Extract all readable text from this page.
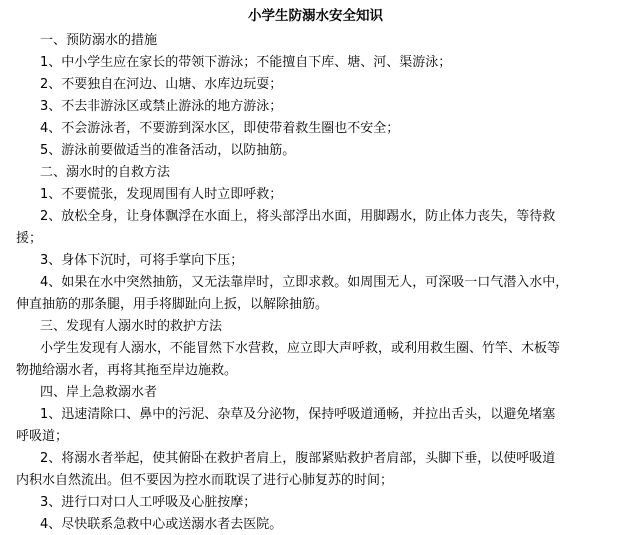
小学生防溺水安全知识

一、预防溺水的措施

1、中小学生应在家长的带领下游泳；不能擅自下库、塘、河、渠游泳；

2、不要独自在河边、山塘、水库边玩耍；

3、不去非游泳区或禁止游泳的地方游泳；

4、不会游泳者，不要游到深水区，即使带着救生圈也不安全；

5、游泳前要做适当的准备活动，以防抽筋。

二、溺水时的自救方法

1、不要慌张，发现周围有人时立即呼救；

2、放松全身，让身体飘浮在水面上，将头部浮出水面，用脚踢水，防止体力丧失，等待救

援；

3、身体下沉时，可将手掌向下压；

4、如果在水中突然抽筋，又无法靠岸时，立即求救。如周围无人，可深吸一口气潜入水中，

伸直抽筋的那条腿，用手将脚趾向上扳，以解除抽筋。

三、发现有人溺水时的救护方法

小学生发现有人溺水，不能冒然下水营救，应立即大声呼救，或利用救生圈、竹竿、木板等

物抛给溺水者，再将其拖至岸边施救。

四、岸上急救溺水者

1、迅速清除口、鼻中的污泥、杂草及分泌物，保持呼吸道通畅，并拉出舌头，以避免堵塞

呼吸道；

2、将溺水者举起，使其俯卧在救护者肩上，腹部紧贴救护者肩部，头脚下垂，以使呼吸道

内积水自然流出。但不要因为控水而耽误了进行心肺复苏的时间；

3、进行口对口人工呼吸及心脏按摩；

4、尽快联系急救中心或送溺水者去医院。
